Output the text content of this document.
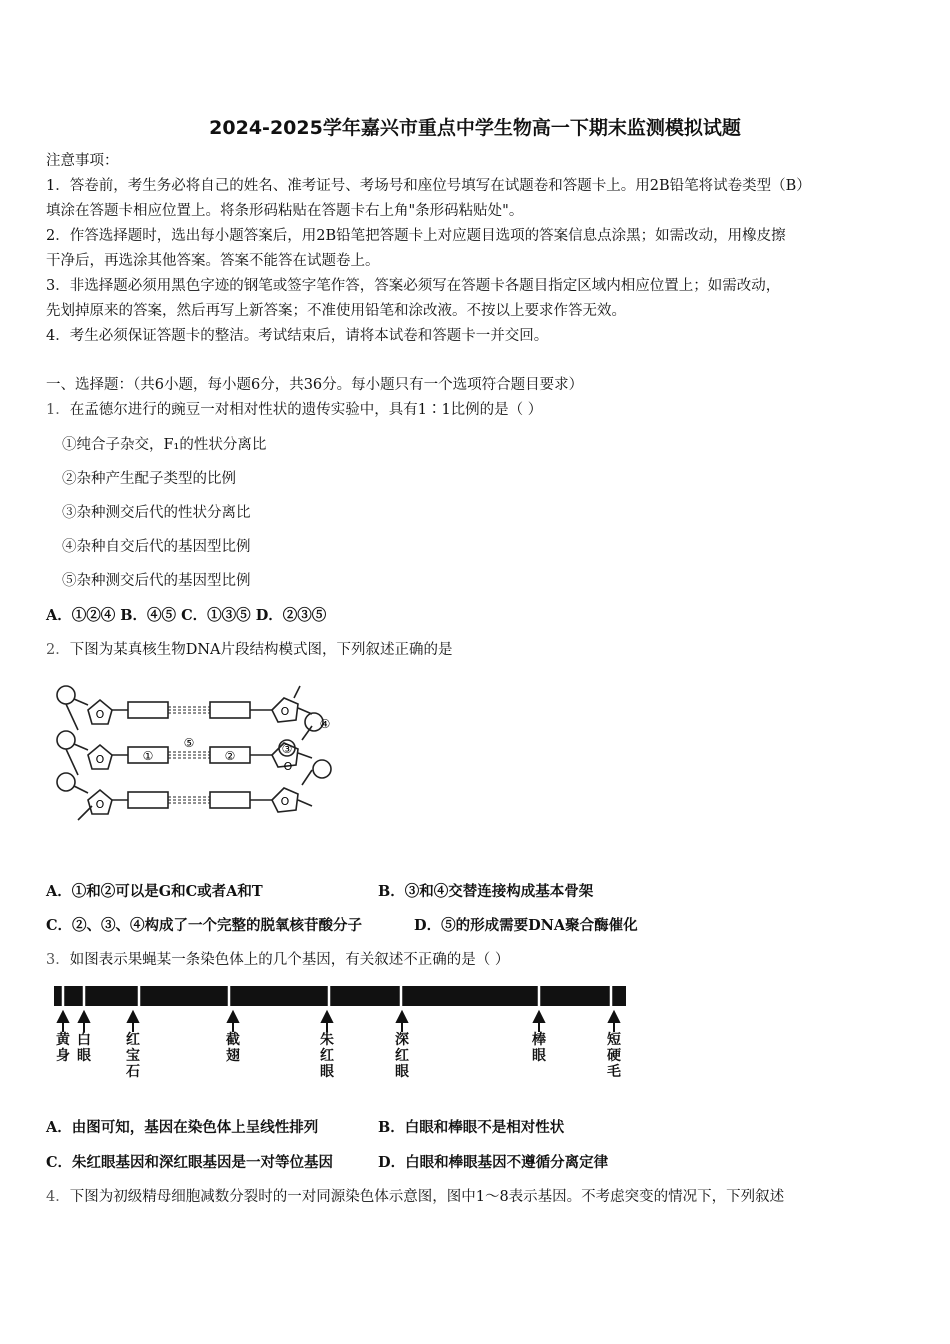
2024-2025学年嘉兴市重点中学生物高一下期末监测模拟试题
注意事项：
1．答卷前，考生务必将自己的姓名、准考证号、考场号和座位号填写在试题卷和答题卡上。用2B铅笔将试卷类型（B）
填涂在答题卡相应位置上。将条形码粘贴在答题卡右上角"条形码粘贴处"。
2．作答选择题时，选出每小题答案后，用2B铅笔把答题卡上对应题目选项的答案信息点涂黑；如需改动，用橡皮擦
干净后，再选涂其他答案。答案不能答在试题卷上。
3．非选择题必须用黑色字迹的钢笔或签字笔作答，答案必须写在答题卡各题目指定区域内相应位置上；如需改动，
先划掉原来的答案，然后再写上新答案；不准使用铅笔和涂改液。不按以上要求作答无效。
4．考生必须保证答题卡的整洁。考试结束后，请将本试卷和答题卡一并交回。
一、选择题：（共6小题，每小题6分，共36分。每小题只有一个选项符合题目要求）
1．在孟德尔进行的豌豆一对相对性状的遗传实验中，具有1∶1比例的是（ ）
①纯合子杂交，F₁的性状分离比
②杂种产生配子类型的比例
③杂种测交后代的性状分离比
④杂种自交后代的基因型比例
⑤杂种测交后代的基因型比例
A．①②④ B．④⑤ C．①③⑤ D．②③⑤
2．下图为某真核生物DNA片段结构模式图，下列叙述正确的是
O
O
O
O
O
O
①	②	③
④
⑤
A．①和②可以是G和C或者A和T	B．③和④交替连接构成基本骨架
C．②、③、④构成了一个完整的脱氧核苷酸分子	D．⑤的形成需要DNA聚合酶催化
3．如图表示果蝇某一条染色体上的几个基因，有关叙述不正确的是（ ）
黄身
白眼
红宝石
截翅
朱红眼
深红眼
棒眼
短硬毛
A．由图可知，基因在染色体上呈线性排列	B．白眼和棒眼不是相对性状
C．朱红眼基因和深红眼基因是一对等位基因	D．白眼和棒眼基因不遵循分离定律
4．下图为初级精母细胞减数分裂时的一对同源染色体示意图，图中1～8表示基因。不考虑突变的情况下，下列叙述
